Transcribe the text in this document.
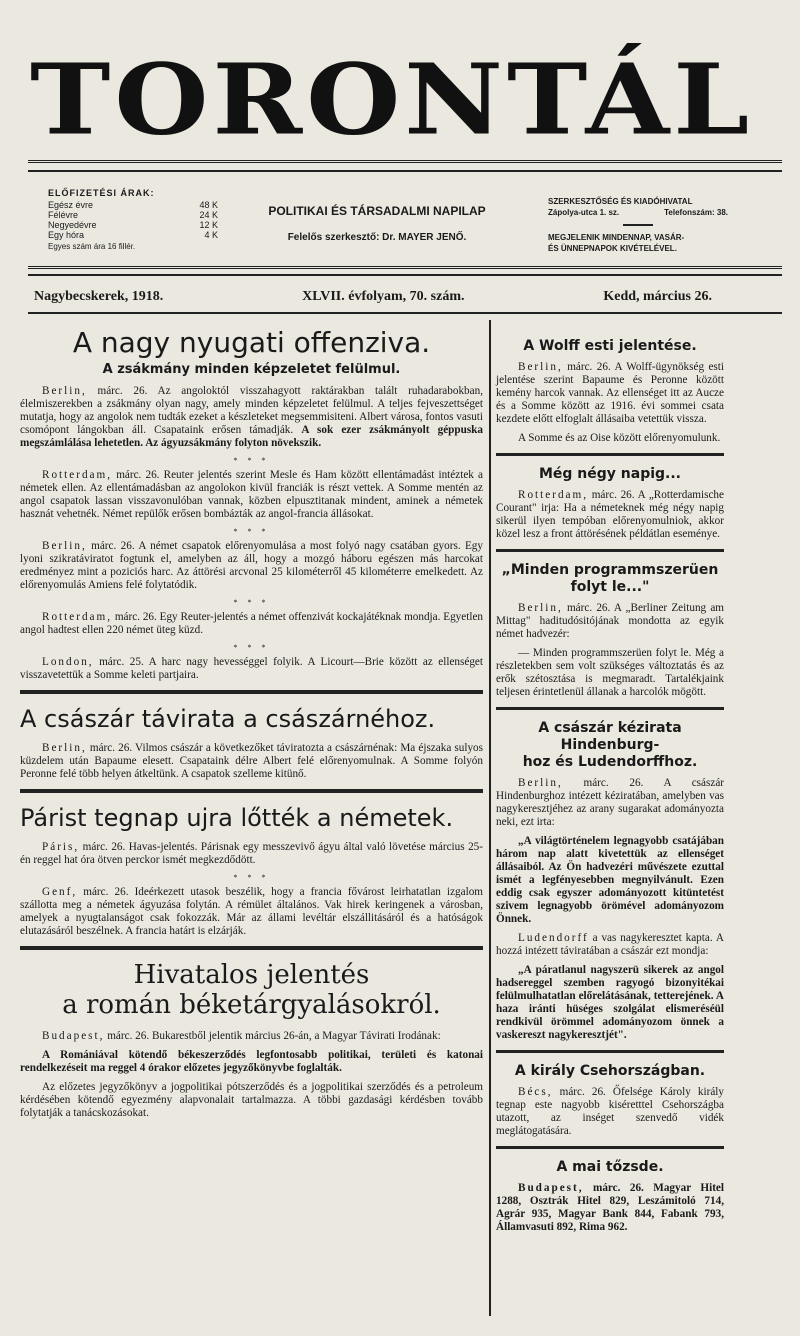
TORONTÁL
ELŐFIZETÉSI ÁRAK:
Egész évre	48 K
Félévre	24 K
Negyedévre	12 K
Egy hóra	4 K
Egyes szám ára 16 fillér.
POLITIKAI ÉS TÁRSADALMI NAPILAP
Felelős szerkesztő: Dr. MAYER JENŐ.
SZERKESZTŐSÉG ÉS KIADÓHIVATAL
Zápolya-utca 1. sz.	Telefonszám: 38.
MEGJELENIK MINDENNAP, VASÁR-
ÉS ÜNNEPNAPOK KIVÉTELÉVEL.
Nagybecskerek, 1918.	XLVII. évfolyam, 70. szám.	Kedd, március 26.
A nagy nyugati offenziva.
A zsákmány minden képzeletet felülmul.

Berlin, márc. 26. Az angoloktól visszahagyott raktárakban talált ruhadarabokban, élelmiszerekben a zsákmány olyan nagy, amely minden képzeletet felülmul. A teljes fejveszettséget mutatja, hogy az angolok nem tudták ezeket a készleteket megsemmisiteni. Albert városa, fontos vasuti csomópont lángokban áll. Csapataink erősen támadják. A sok ezer zsákmányolt géppuska megszámlálása lehetetlen. Az ágyuzsákmány folyton növekszik.

* * *

Rotterdam, márc. 26. Reuter jelentés szerint Mesle és Ham között ellentámadást intéztek a németek ellen. Az ellentámadásban az angolokon kivül franciák is részt vettek. A Somme mentén az angol csapatok lassan visszavonulóban vannak, közben elpusztitanak mindent, aminek a németek hasznát vehetnék. Német repülők erősen bombázták az angol-francia állásokat.

* * *

Berlin, márc. 26. A német csapatok előrenyomulása a most folyó nagy csatában gyors. Egy lyoni szikratáviratot fogtunk el, amelyben az áll, hogy a mozgó háboru egészen más harcokat eredményez mint a poziciós harc. Az áttörési arcvonal 25 kilométerről 45 kilométerre emelkedett. Az előrenyomulás Amiens felé folytatódik.

* * *

Rotterdam, márc. 26. Egy Reuter-jelentés a német offenzivát kockajátéknak mondja. Egyetlen angol hadtest ellen 220 német üteg küzd.

* * *

London, márc. 25. A harc nagy hevességgel folyik. A Licourt—Brie között az ellenséget visszavetettük a Somme keleti partjaira.

A császár távirata a császárnéhoz.

Berlin, márc. 26. Vilmos császár a következőket táviratozta a császárnénak: Ma éjszaka sulyos küzdelem után Bapaume elesett. Csapataink délre Albert felé előrenyomulnak. A Somme folyón Peronne felé több helyen átkeltünk. A csapatok szelleme kitünő.

Párist tegnap ujra lőtték a németek.

Páris, márc. 26. Havas-jelentés. Párisnak egy messzevivő ágyu által való lövetése március 25-én reggel hat óra ötven perckor ismét megkezdődött.

* * *

Genf, márc. 26. Ideérkezett utasok beszélik, hogy a francia fővárost leirhatatlan izgalom szállotta meg a németek ágyuzása folytán. A rémület általános. Vak hirek keringenek a városban, amelyek a nyugtalanságot csak fokozzák. Már az állami levéltár elszállitásáról és a hatóságok elutazásáról beszélnek. A francia határt is elzárják.

Hivatalos jelentés
a román béketárgyalásokról.

Budapest, márc. 26. Bukarestből jelentik március 26-án, a Magyar Távirati Irodának:

A Romániával kötendő békeszerződés legfontosabb politikai, területi és katonai rendelkezéseit ma reggel 4 órakor előzetes jegyzőkönyvbe foglalták.

Az előzetes jegyzőkönyv a jogpolitikai pótszerződés és a jogpolitikai szerződés és a petroleum kérdésében kötendő egyezmény alapvonalait tartalmazza. A többi gazdasági kérdésben tovább folytatják a tanácskozásokat.

A Wolff esti jelentése.

Berlin, márc. 26. A Wolff-ügynökség esti jelentése szerint Bapaume és Peronne között kemény harcok vannak. Az ellenséget itt az Aucze és a Somme között az 1916. évi sommei csata kezdete előtt elfoglalt állásaiba vetettük vissza.

A Somme és az Oise között előrenyomulunk.

Még négy napig...

Rotterdam, márc. 26. A „Rotterdamische Courant" irja: Ha a németeknek még négy napig sikerül ilyen tempóban előrenyomulniok, akkor közel lesz a front áttörésének példátlan eseménye.

„Minden programmszerüen
folyt le..."

Berlin, márc. 26. A „Berliner Zeitung am Mittag" haditudósitójának mondotta az egyik német hadvezér:

— Minden programmszerüen folyt le. Még a részletekben sem volt szükséges változtatás és az erők szétosztása is megmaradt. Tartalékjaink teljesen érintetlenül állanak a harcolók mögött.

A császár kézirata Hindenburg-
hoz és Ludendorffhoz.

Berlin, márc. 26. A császár Hindenburghoz intézett kéziratában, amelyben vas nagykeresztjéhez az arany sugarakat adományozta neki, ezt irta:

„A világtörténelem legnagyobb csatájában három nap alatt kivetettük az ellenséget állásaiból. Az Ön hadvezéri művészete ezuttal ismét a legfényesebben megnyilvánult. Ezen eddig csak egyszer adományozott kitüntetést szivem legnagyobb örömével adományozom Önnek.

Ludendorff a vas nagykeresztet kapta. A hozzá intézett táviratában a császár ezt mondja:

„A páratlanul nagyszerü sikerek az angol hadsereggel szemben ragyogó bizonyitékai felülmulhatatlan előrelátásának, tetterejének. A haza iránti hüséges szolgálat elismeréséül rendkivül örömmel adományozom önnek a vaskereszt nagykeresztjét".

A király Csehországban.

Bécs, márc. 26. Őfelsége Károly király tegnap este nagyobb kiséretttel Csehországba utazott, az inséget szenvedő vidék meglátogatására.

A mai tőzsde.

Budapest, márc. 26. Magyar Hitel 1288, Osztrák Hitel 829, Leszámitoló 714, Agrár 935, Magyar Bank 844, Fabank 793, Államvasuti 892, Rima 962.
